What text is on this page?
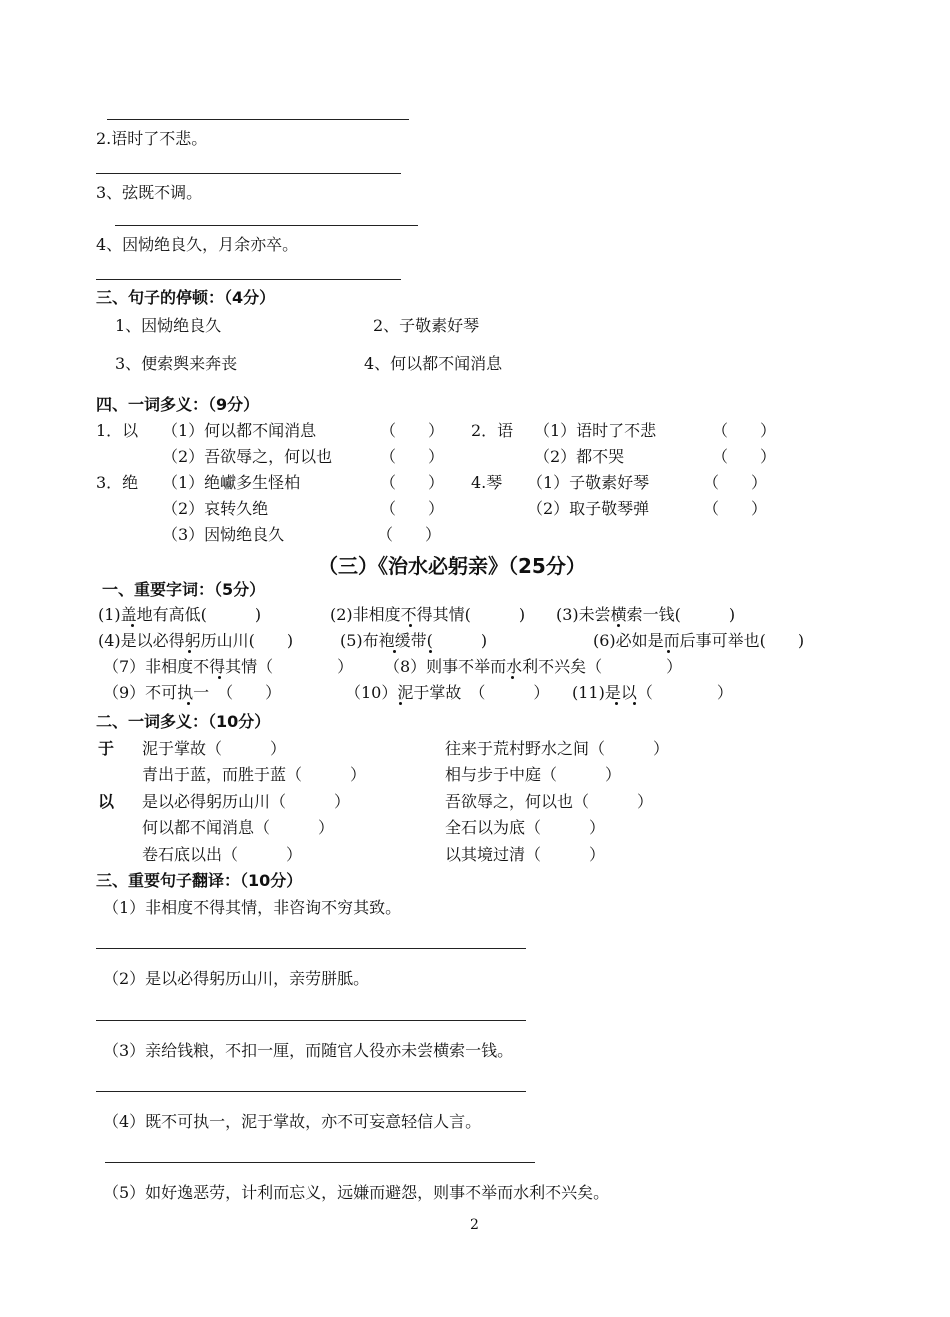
2.语时了不悲。
3、弦既不调。
4、因恸绝良久，月余亦卒。
三、句子的停顿：（4分）
1、因恸绝良久	2、子敬素好琴
3、便索舆来奔丧	4、何以都不闻消息
四、一词多义：（9分）
1．以 （1）何以都不闻消息	（　　） 2．语 （1）语时了不悲	（　　）
（2）吾欲辱之，何以也	（　　）	（2）都不哭	（　　）
3．绝 （1）绝巘多生怪柏	（　　） 4.琴 （1）子敬素好琴	（　　）
（2）哀转久绝	（　　）	（2）取子敬琴弹	（　　）
（3）因恸绝良久	（　　）
（三）《治水必躬亲》（25分）
一、重要字词：（5分）
(1)盖地有高低(　　　)	(2)非相度不得其情(　　　) (3)未尝横索一钱(　　　)
(4)是以必得躬历山川(　　)	(5)布袍缓带(　　　)	(6)必如是而后事可举也(　　)
（7）非相度不得其情（　　　　） （8）则事不举而水利不兴矣（　　　　）
（9）不可执一　（　　）	（10）泥于掌故　（　　　） (11)是以（　　　　）
二、一词多义：（10分）
于 泥于掌故（　　　）	往来于荒村野水之间（　　　）
青出于蓝，而胜于蓝（　　　）	相与步于中庭（　　　）
以 是以必得躬历山川（　　　）	吾欲辱之，何以也（　　　）
何以都不闻消息（　　　）	全石以为底（　　　）
卷石底以出（　　　）	以其境过清（　　　）
三、重要句子翻译：（10分）
（1）非相度不得其情，非咨询不穷其致。
（2）是以必得躬历山川，亲劳胼胝。
（3）亲给钱粮，不扣一厘，而随官人役亦未尝横索一钱。
（4）既不可执一，泥于掌故，亦不可妄意轻信人言。
（5）如好逸恶劳，计利而忘义，远嫌而避怨，则事不举而水利不兴矣。
2
